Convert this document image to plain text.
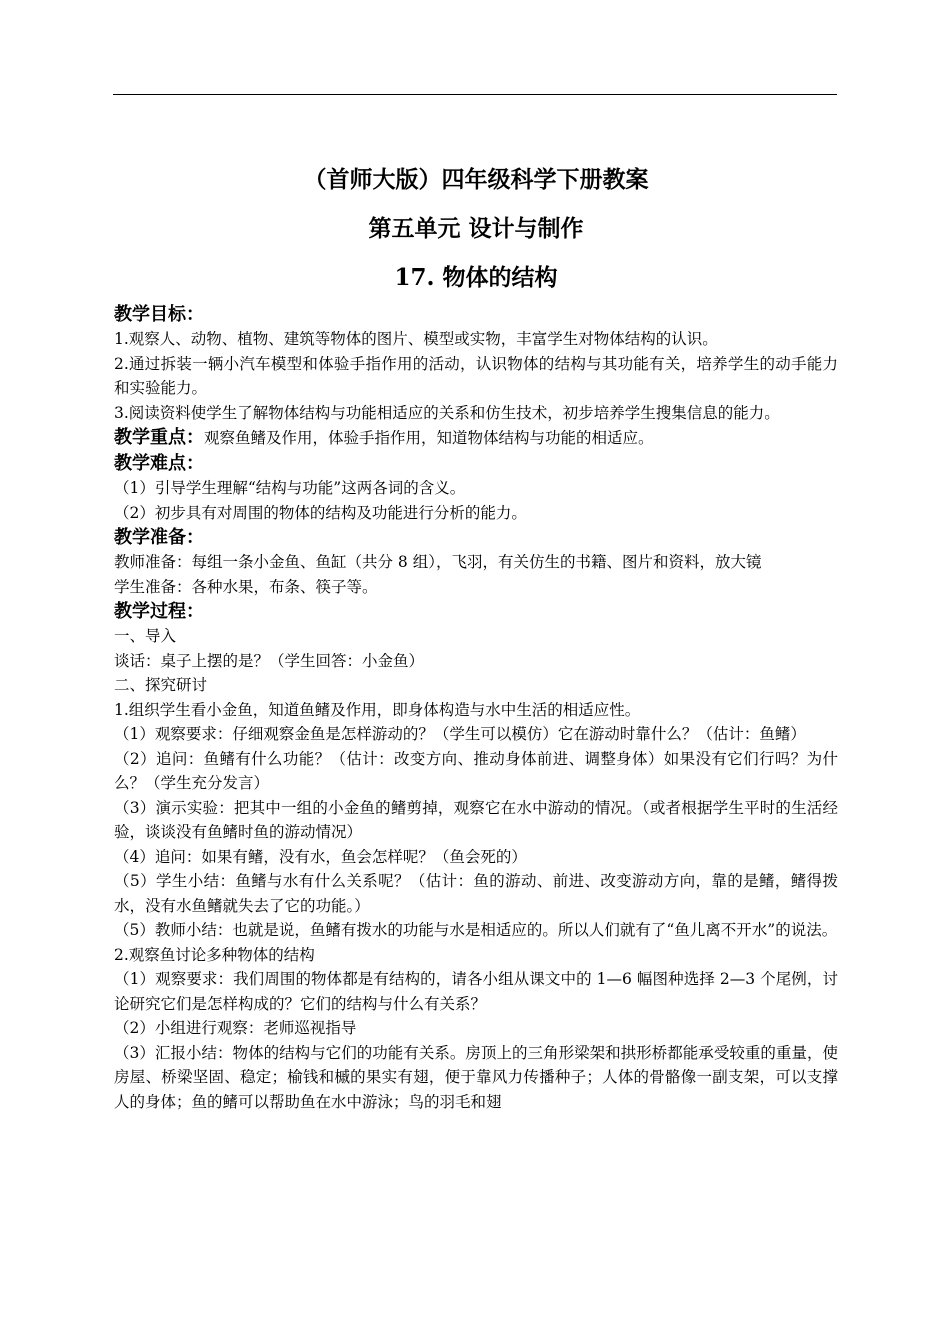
（首师大版）四年级科学下册教案

第五单元 设计与制作

17. 物体的结构

教学目标：

1.观察人、动物、植物、建筑等物体的图片、模型或实物，丰富学生对物体结构的认识。

2.通过拆装一辆小汽车模型和体验手指作用的活动，认识物体的结构与其功能有关，培养学生的动手能力和实验能力。

3.阅读资料使学生了解物体结构与功能相适应的关系和仿生技术，初步培养学生搜集信息的能力。

教学重点：观察鱼鳍及作用，体验手指作用，知道物体结构与功能的相适应。

教学难点：

（1）引导学生理解“结构与功能”这两各词的含义。

（2）初步具有对周围的物体的结构及功能进行分析的能力。

教学准备：

教师准备：每组一条小金鱼、鱼缸（共分 8 组），飞羽，有关仿生的书籍、图片和资料，放大镜

学生准备：各种水果，布条、筷子等。

教学过程：

一、导入

谈话：桌子上摆的是？（学生回答：小金鱼）

二、探究研讨

1.组织学生看小金鱼，知道鱼鳍及作用，即身体构造与水中生活的相适应性。

（1）观察要求：仔细观察金鱼是怎样游动的？（学生可以模仿）它在游动时靠什么？（估计：鱼鳍）

（2）追问：鱼鳍有什么功能？（估计：改变方向、推动身体前进、调整身体）如果没有它们行吗？为什么？（学生充分发言）

（3）演示实验：把其中一组的小金鱼的鳍剪掉，观察它在水中游动的情况。（或者根据学生平时的生活经验，谈谈没有鱼鳍时鱼的游动情况）

（4）追问：如果有鳍，没有水，鱼会怎样呢？（鱼会死的）

（5）学生小结：鱼鳍与水有什么关系呢？（估计：鱼的游动、前进、改变游动方向，靠的是鳍，鳍得拨水，没有水鱼鳍就失去了它的功能。）

（5）教师小结：也就是说，鱼鳍有拨水的功能与水是相适应的。所以人们就有了“鱼儿离不开水”的说法。

2.观察鱼讨论多种物体的结构

（1）观察要求：我们周围的物体都是有结构的，请各小组从课文中的 1—6 幅图种选择 2—3 个尾例，讨论研究它们是怎样构成的？它们的结构与什么有关系？

（2）小组进行观察：老师巡视指导

（3）汇报小结：物体的结构与它们的功能有关系。房顶上的三角形梁架和拱形桥都能承受较重的重量，使房屋、桥梁坚固、稳定；榆钱和槭的果实有翅，便于靠风力传播种子；人体的骨骼像一副支架，可以支撑人的身体；鱼的鳍可以帮助鱼在水中游泳；鸟的羽毛和翅
